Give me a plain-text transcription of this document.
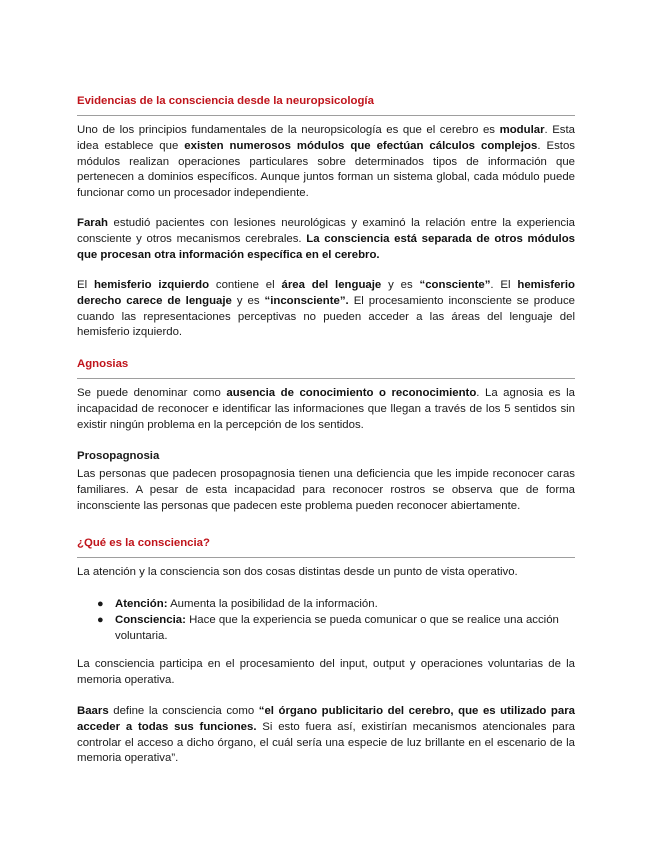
Evidencias de la consciencia desde la neuropsicología
Uno de los principios fundamentales de la neuropsicología es que el cerebro es modular. Esta idea establece que existen numerosos módulos que efectúan cálculos complejos. Estos módulos realizan operaciones particulares sobre determinados tipos de información que pertenecen a dominios específicos. Aunque juntos forman un sistema global, cada módulo puede funcionar como un procesador independiente.
Farah estudió pacientes con lesiones neurológicas y examinó la relación entre la experiencia consciente y otros mecanismos cerebrales. La consciencia está separada de otros módulos que procesan otra información específica en el cerebro.
El hemisferio izquierdo contiene el área del lenguaje y es “consciente”. El hemisferio derecho carece de lenguaje y es “inconsciente”. El procesamiento inconsciente se produce cuando las representaciones perceptivas no pueden acceder a las áreas del lenguaje del hemisferio izquierdo.
Agnosias
Se puede denominar como ausencia de conocimiento o reconocimiento. La agnosia es la incapacidad de reconocer e identificar las informaciones que llegan a través de los 5 sentidos sin existir ningún problema en la percepción de los sentidos.
Prosopagnosia
Las personas que padecen prosopagnosia tienen una deficiencia que les impide reconocer caras familiares. A pesar de esta incapacidad para reconocer rostros se observa que de forma inconsciente las personas que padecen este problema pueden reconocer abiertamente.
¿Qué es la consciencia?
La atención y la consciencia son dos cosas distintas desde un punto de vista operativo.
● Atención: Aumenta la posibilidad de la información.
● Consciencia: Hace que la experiencia se pueda comunicar o que se realice una acción voluntaria.
La consciencia participa en el procesamiento del input, output y operaciones voluntarias de la memoria operativa.
Baars define la consciencia como “el órgano publicitario del cerebro, que es utilizado para acceder a todas sus funciones. Si esto fuera así, existirían mecanismos atencionales para controlar el acceso a dicho órgano, el cuál sería una especie de luz brillante en el escenario de la memoria operativa”.
